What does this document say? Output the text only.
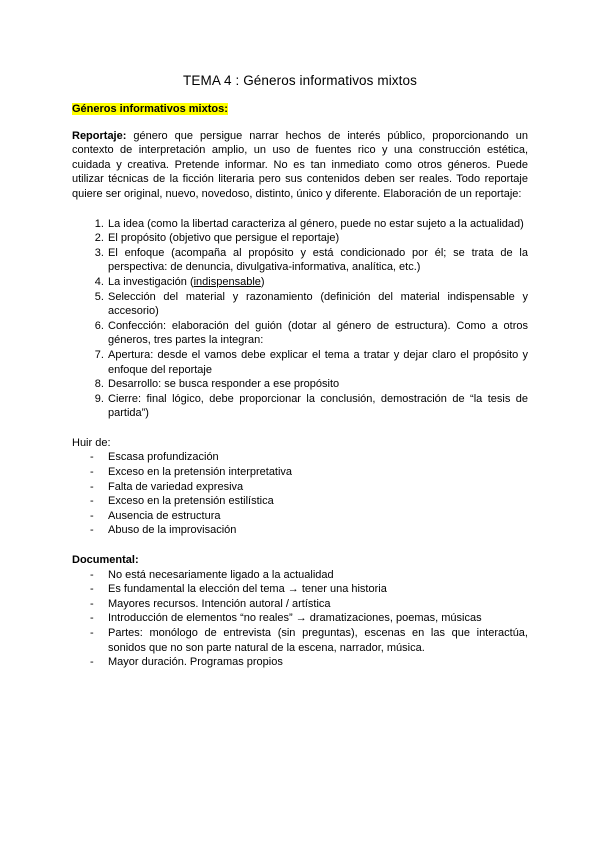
TEMA 4 : Géneros informativos mixtos

Géneros informativos mixtos:

Reportaje: género que persigue narrar hechos de interés público, proporcionando un contexto de interpretación amplio, un uso de fuentes rico y una construcción estética, cuidada y creativa. Pretende informar. No es tan inmediato como otros géneros. Puede utilizar técnicas de la ficción literaria pero sus contenidos deben ser reales. Todo reportaje quiere ser original, nuevo, novedoso, distinto, único y diferente. Elaboración de un reportaje:

1. La idea (como la libertad caracteriza al género, puede no estar sujeto a la actualidad)
2. El propósito (objetivo que persigue el reportaje)
3. El enfoque (acompaña al propósito y está condicionado por él; se trata de la perspectiva: de denuncia, divulgativa-informativa, analítica, etc.)
4. La investigación (indispensable)
5. Selección del material y razonamiento (definición del material indispensable y accesorio)
6. Confección: elaboración del guión (dotar al género de estructura). Como a otros géneros, tres partes la integran:
7. Apertura: desde el vamos debe explicar el tema a tratar y dejar claro el propósito y enfoque del reportaje
8. Desarrollo: se busca responder a ese propósito
9. Cierre: final lógico, debe proporcionar la conclusión, demostración de “la tesis de partida”)

Huir de:

- Escasa profundización
- Exceso en la pretensión interpretativa
- Falta de variedad expresiva
- Exceso en la pretensión estilística
- Ausencia de estructura
- Abuso de la improvisación

Documental:

- No está necesariamente ligado a la actualidad
- Es fundamental la elección del tema → tener una historia
- Mayores recursos. Intención autoral / artística
- Introducción de elementos “no reales” → dramatizaciones, poemas, músicas
- Partes: monólogo de entrevista (sin preguntas), escenas en las que interactúa, sonidos que no son parte natural de la escena, narrador, música.
- Mayor duración. Programas propios
